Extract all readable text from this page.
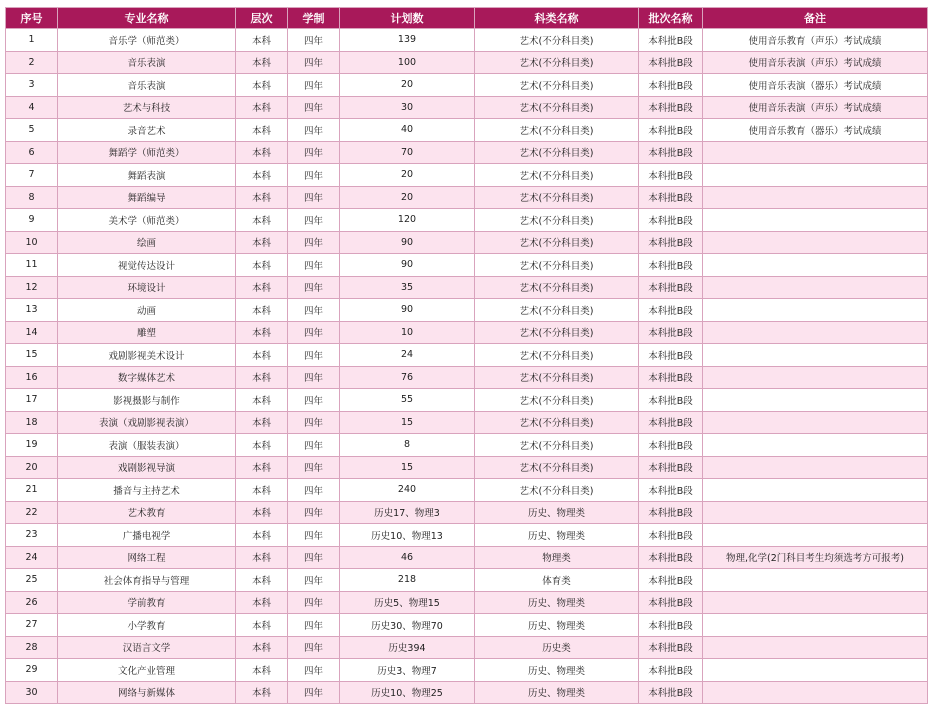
序号	专业名称	层次	学制	计划数	科类名称	批次名称	备注
1	音乐学（师范类）	本科	四年	139	艺术(不分科目类)	本科批B段	使用音乐教育（声乐）考试成绩
2	音乐表演	本科	四年	100	艺术(不分科目类)	本科批B段	使用音乐表演（声乐）考试成绩
3	音乐表演	本科	四年	20	艺术(不分科目类)	本科批B段	使用音乐表演（器乐）考试成绩
4	艺术与科技	本科	四年	30	艺术(不分科目类)	本科批B段	使用音乐表演（声乐）考试成绩
5	录音艺术	本科	四年	40	艺术(不分科目类)	本科批B段	使用音乐教育（器乐）考试成绩
6	舞蹈学（师范类）	本科	四年	70	艺术(不分科目类)	本科批B段	
7	舞蹈表演	本科	四年	20	艺术(不分科目类)	本科批B段	
8	舞蹈编导	本科	四年	20	艺术(不分科目类)	本科批B段	
9	美术学（师范类）	本科	四年	120	艺术(不分科目类)	本科批B段	
10	绘画	本科	四年	90	艺术(不分科目类)	本科批B段	
11	视觉传达设计	本科	四年	90	艺术(不分科目类)	本科批B段	
12	环境设计	本科	四年	35	艺术(不分科目类)	本科批B段	
13	动画	本科	四年	90	艺术(不分科目类)	本科批B段	
14	雕塑	本科	四年	10	艺术(不分科目类)	本科批B段	
15	戏剧影视美术设计	本科	四年	24	艺术(不分科目类)	本科批B段	
16	数字媒体艺术	本科	四年	76	艺术(不分科目类)	本科批B段	
17	影视摄影与制作	本科	四年	55	艺术(不分科目类)	本科批B段	
18	表演（戏剧影视表演）	本科	四年	15	艺术(不分科目类)	本科批B段	
19	表演（服装表演）	本科	四年	8	艺术(不分科目类)	本科批B段	
20	戏剧影视导演	本科	四年	15	艺术(不分科目类)	本科批B段	
21	播音与主持艺术	本科	四年	240	艺术(不分科目类)	本科批B段	
22	艺术教育	本科	四年	历史17、物理3	历史、物理类	本科批B段	
23	广播电视学	本科	四年	历史10、物理13	历史、物理类	本科批B段	
24	网络工程	本科	四年	46	物理类	本科批B段	物理,化学(2门科目考生均须选考方可报考)
25	社会体育指导与管理	本科	四年	218	体育类	本科批B段	
26	学前教育	本科	四年	历史5、物理15	历史、物理类	本科批B段	
27	小学教育	本科	四年	历史30、物理70	历史、物理类	本科批B段	
28	汉语言文学	本科	四年	历史394	历史类	本科批B段	
29	文化产业管理	本科	四年	历史3、物理7	历史、物理类	本科批B段	
30	网络与新媒体	本科	四年	历史10、物理25	历史、物理类	本科批B段	
